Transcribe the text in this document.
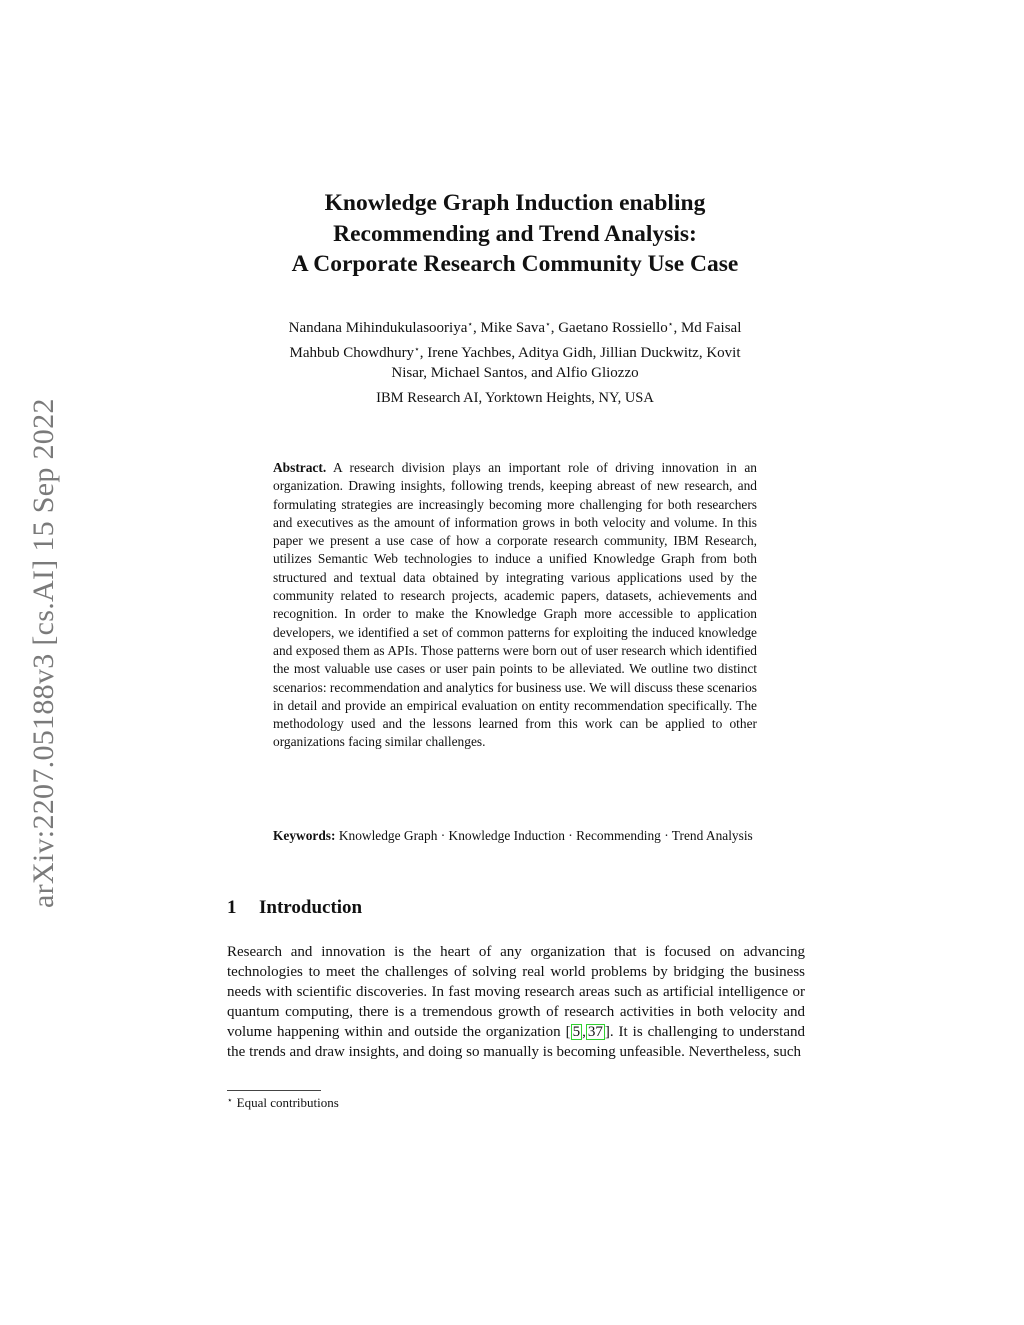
arXiv:2207.05188v3 [cs.AI] 15 Sep 2022
Knowledge Graph Induction enabling
Recommending and Trend Analysis:
A Corporate Research Community Use Case
Nandana Mihindukulasooriya⋆, Mike Sava⋆, Gaetano Rossiello⋆, Md Faisal
Mahbub Chowdhury⋆, Irene Yachbes, Aditya Gidh, Jillian Duckwitz, Kovit
Nisar, Michael Santos, and Alfio Gliozzo
IBM Research AI, Yorktown Heights, NY, USA
Abstract. A research division plays an important role of driving innovation in an organization. Drawing insights, following trends, keeping abreast of new research, and formulating strategies are increasingly becoming more challenging for both researchers and executives as the amount of information grows in both velocity and volume. In this paper we present a use case of how a corporate research community, IBM Research, utilizes Semantic Web technologies to induce a unified Knowledge Graph from both structured and textual data obtained by integrating various applications used by the community related to research projects, academic papers, datasets, achievements and recognition. In order to make the Knowledge Graph more accessible to application developers, we identified a set of common patterns for exploiting the induced knowledge and exposed them as APIs. Those patterns were born out of user research which identified the most valuable use cases or user pain points to be alleviated. We outline two distinct scenarios: recommendation and analytics for business use. We will discuss these scenarios in detail and provide an empirical evaluation on entity recommendation specifically. The methodology used and the lessons learned from this work can be applied to other organizations facing similar challenges.
Keywords: Knowledge Graph · Knowledge Induction · Recommending · Trend Analysis
1 Introduction
Research and innovation is the heart of any organization that is focused on advancing technologies to meet the challenges of solving real world problems by bridging the business needs with scientific discoveries. In fast moving research areas such as artificial intelligence or quantum computing, there is a tremendous growth of research activities in both velocity and volume happening within and outside the organization [ 5 , 37 ]. It is challenging to understand the trends and draw insights, and doing so manually is becoming unfeasible. Nevertheless, such
⋆ Equal contributions
